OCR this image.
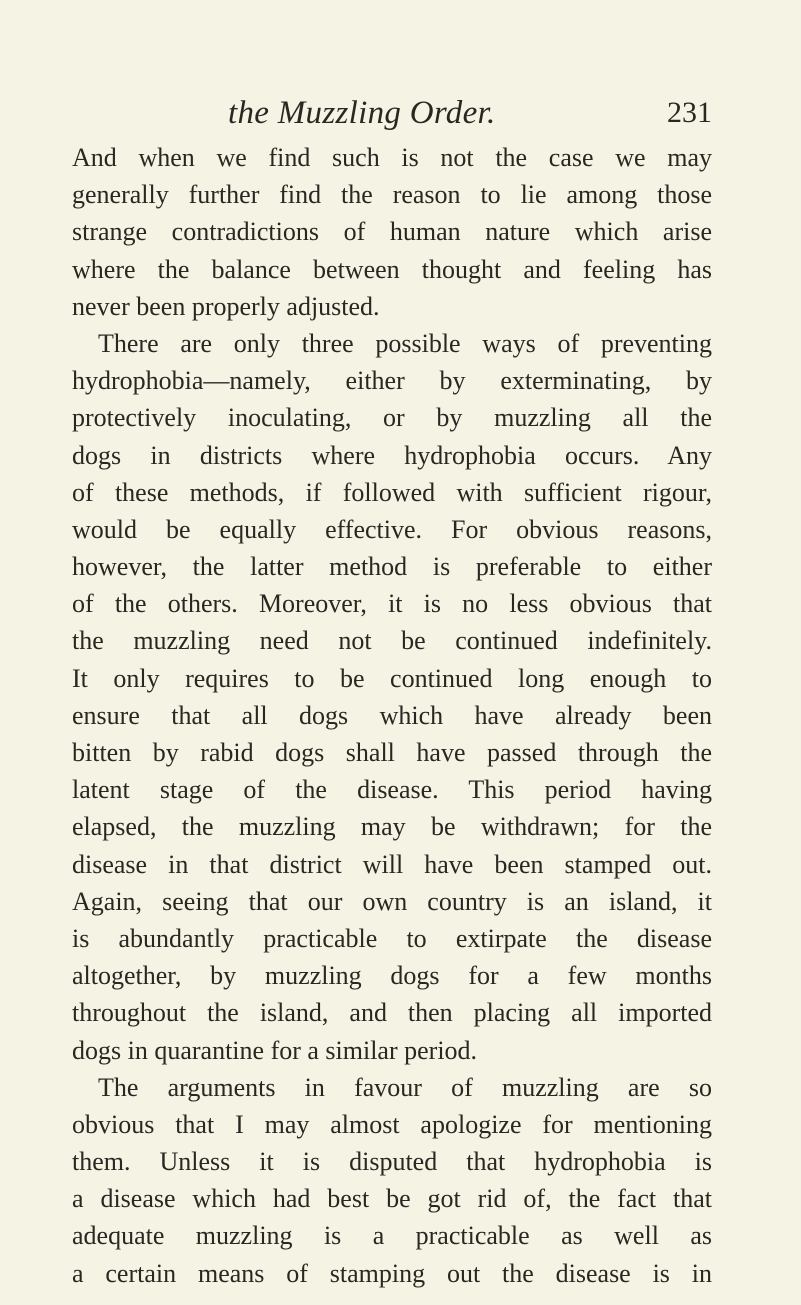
the Muzzling Order.	231
And when we find such is not the case we may
generally further find the reason to lie among those
strange contradictions of human nature which arise
where the balance between thought and feeling has
never been properly adjusted.
There are only three possible ways of preventing
hydrophobia—namely, either by exterminating, by
protectively inoculating, or by muzzling all the
dogs in districts where hydrophobia occurs. Any
of these methods, if followed with sufficient rigour,
would be equally effective. For obvious reasons,
however, the latter method is preferable to either
of the others. Moreover, it is no less obvious that
the muzzling need not be continued indefinitely.
It only requires to be continued long enough to
ensure that all dogs which have already been
bitten by rabid dogs shall have passed through the
latent stage of the disease. This period having
elapsed, the muzzling may be withdrawn; for the
disease in that district will have been stamped out.
Again, seeing that our own country is an island, it
is abundantly practicable to extirpate the disease
altogether, by muzzling dogs for a few months
throughout the island, and then placing all imported
dogs in quarantine for a similar period.
The arguments in favour of muzzling are so
obvious that I may almost apologize for mentioning
them. Unless it is disputed that hydrophobia is
a disease which had best be got rid of, the fact that
adequate muzzling is a practicable as well as
a certain means of stamping out the disease is in
